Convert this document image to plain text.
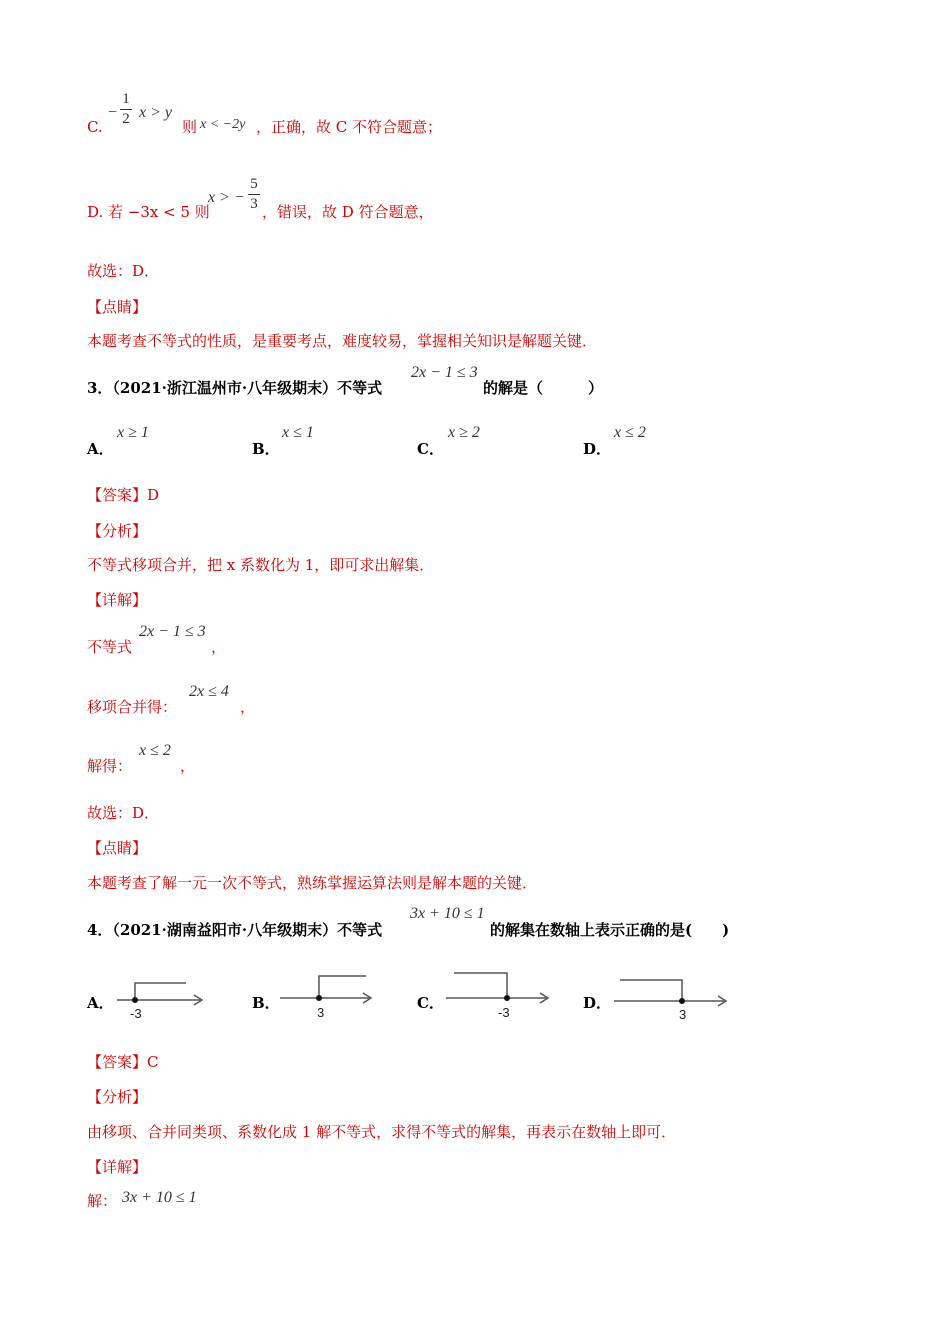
C.
−
1
2 x > y
则 x < −2y ，正确，故 C 不符合题意；
D. 若 −3x < 5 则
x > −
5
3 ，错误，故 D 符合题意，
故选：D．
【点睛】
本题考查不等式的性质，是重要考点，难度较易，掌握相关知识是解题关键．
3．（2021·浙江温州市·八年级期末）不等式
2x − 1 ≤ 3
的解是（　　　）
A．
x ≥ 1
B．
x ≤ 1
C．
x ≥ 2
D．
x ≤ 2
【答案】D
【分析】
不等式移项合并，把 x 系数化为 1，即可求出解集．
【详解】
不等式
2x − 1 ≤ 3
，
移项合并得：
2x ≤ 4
，
解得：
x ≤ 2
，
故选：D．
【点睛】
本题考查了解一元一次不等式，熟练掌握运算法则是解本题的关键．
4．（2021·湖南益阳市·八年级期末）不等式
3x + 10 ≤ 1
的解集在数轴上表示正确的是(　　)
A．
-3
B．
3
C．
-3
D．
3
【答案】C
【分析】
由移项、合并同类项、系数化成 1 解不等式，求得不等式的解集，再表示在数轴上即可．
【详解】
解： 3x + 10 ≤ 1
